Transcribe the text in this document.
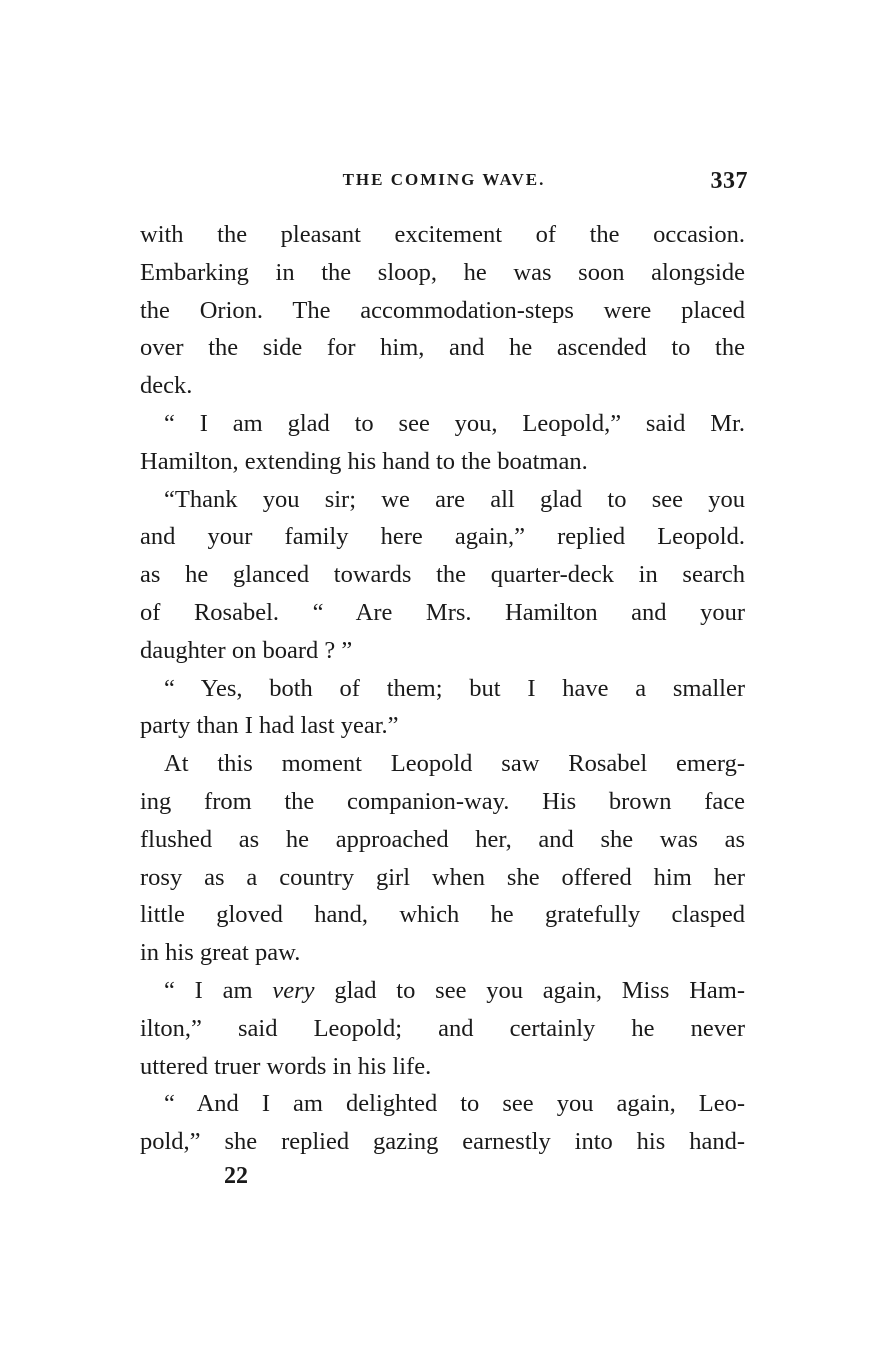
THE COMING WAVE.	337
with the pleasant excitement of the occasion.
Embarking in the sloop, he was soon alongside
the Orion. The accommodation-steps were placed
over the side for him, and he ascended to the
deck.
“ I am glad to see you, Leopold,” said Mr.
Hamilton, extending his hand to the boatman.
“Thank you sir; we are all glad to see you
and your family here again,” replied Leopold.
as he glanced towards the quarter-deck in search
of Rosabel. “ Are Mrs. Hamilton and your
daughter on board ? ”
“ Yes, both of them; but I have a smaller
party than I had last year.”
At this moment Leopold saw Rosabel emerg-
ing from the companion-way. His brown face
flushed as he approached her, and she was as
rosy as a country girl when she offered him her
little gloved hand, which he gratefully clasped
in his great paw.
“ I am very glad to see you again, Miss Ham-
ilton,” said Leopold; and certainly he never
uttered truer words in his life.
“ And I am delighted to see you again, Leo-
pold,” she replied gazing earnestly into his hand-
22
